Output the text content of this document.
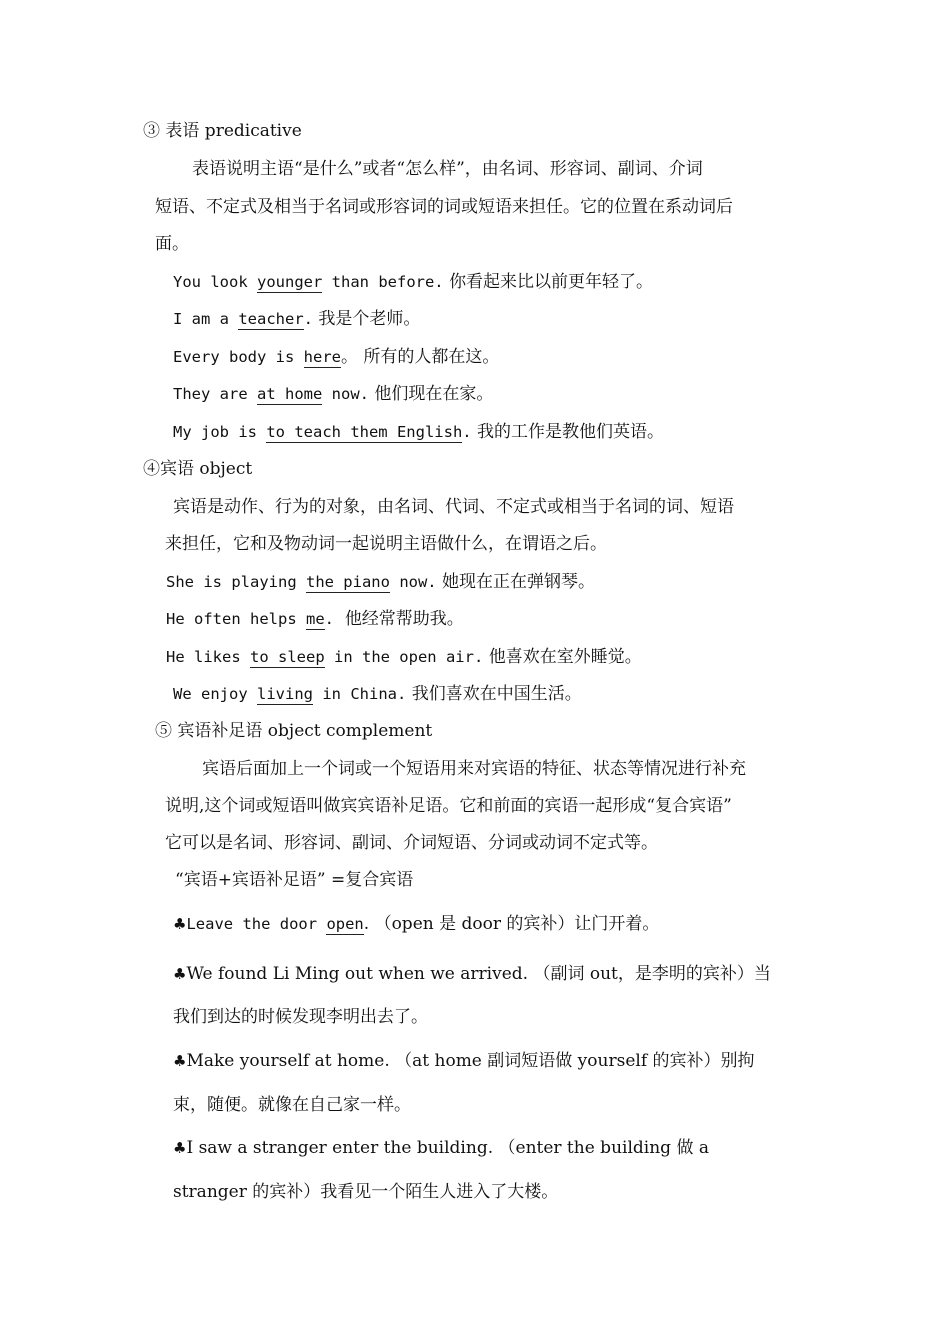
③ 表语 predicative
表语说明主语“是什么”或者“怎么样”，由名词、形容词、副词、介词
短语、不定式及相当于名词或形容词的词或短语来担任。它的位置在系动词后
面。
You look younger than before. 你看起来比以前更年轻了。
I am a teacher. 我是个老师。
Every body is here。 所有的人都在这。
They are at home now. 他们现在在家。
My job is to teach them English. 我的工作是教他们英语。
④宾语 object
宾语是动作、行为的对象，由名词、代词、不定式或相当于名词的词、短语
来担任，它和及物动词一起说明主语做什么，在谓语之后。
She is playing the piano now. 她现在正在弹钢琴。
He often helps me. 他经常帮助我。
He likes to sleep in the open air. 他喜欢在室外睡觉。
We enjoy living in China. 我们喜欢在中国生活。
⑤ 宾语补足语 object complement
宾语后面加上一个词或一个短语用来对宾语的特征、状态等情况进行补充
说明,这个词或短语叫做宾宾语补足语。它和前面的宾语一起形成“复合宾语”
它可以是名词、形容词、副词、介词短语、分词或动词不定式等。
“宾语+宾语补足语” =复合宾语
♣Leave the door open. （open 是 door 的宾补）让门开着。
♣We found Li Ming out when we arrived. （副词 out，是李明的宾补）当
我们到达的时候发现李明出去了。
♣Make yourself at home. （at home 副词短语做 yourself 的宾补）别拘
束，随便。就像在自己家一样。
♣I saw a stranger enter the building. （enter the building 做 a
stranger 的宾补）我看见一个陌生人进入了大楼。
